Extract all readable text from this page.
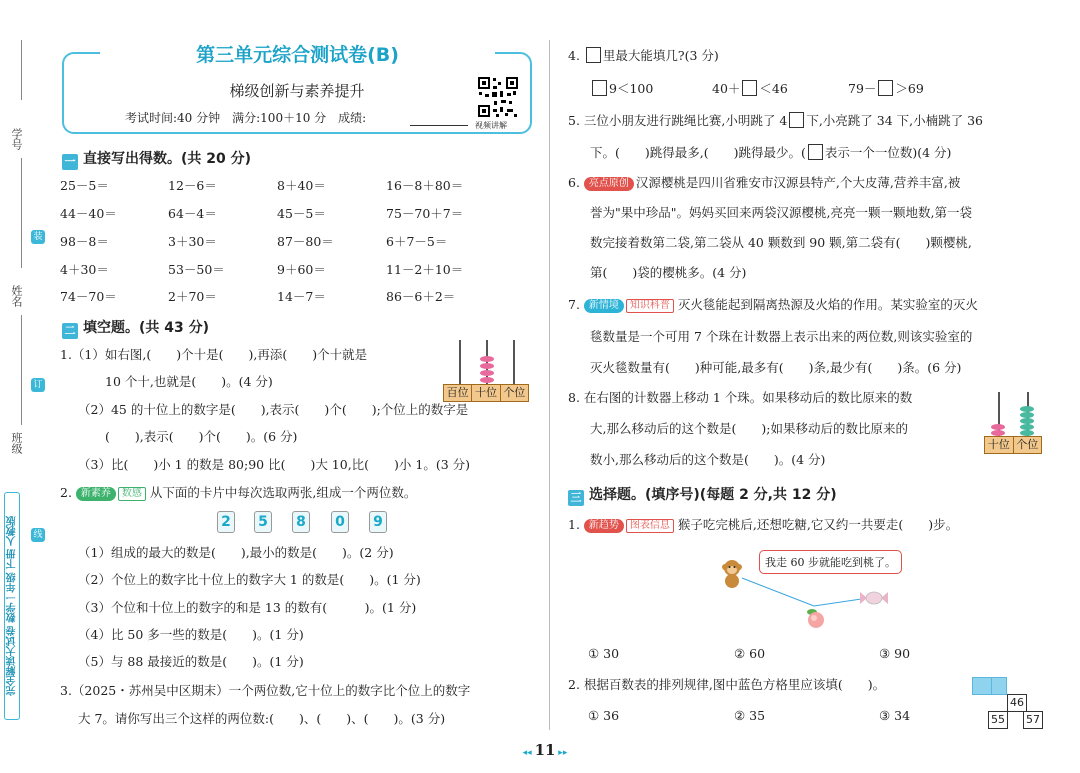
学号
装
姓名
订
班级
线
完全解读大试卷 数学一年级 下册 人教版
第三单元综合测试卷(B)
梯级创新与素养提升
考试时间:40 分钟　满分:100＋10 分　成绩:
视频讲解
一 直接写出得数。(共 20 分)
25－5＝	12－6＝	8＋40＝	16－8＋80＝
44－40＝	64－4＝	45－5＝	75－70＋7＝
98－8＝	3＋30＝	87－80＝	6＋7－5＝
4＋30＝	53－50＝	9＋60＝	11－2＋10＝
74－70＝	2＋70＝	14－7＝	86－6＋2＝
二 填空题。(共 43 分)
1.（1）如右图,(　　)个十是(　　),再添(　　)个十就是
10 个十,也就是(　　)。(4 分)
（2）45 的十位上的数字是(　　),表示(　　)个(　　);个位上的数字是
(　　),表示(　　)个(　　)。(6 分)
（3）比(　　)小 1 的数是 80;90 比(　　)大 10,比(　　)小 1。(3 分)
百位 十位 个位
2. 新素养 数感 从下面的卡片中每次选取两张,组成一个两位数。
2 5 8 0 9
（1）组成的最大的数是(　　),最小的数是(　　)。(2 分)
（2）个位上的数字比十位上的数字大 1 的数是(　　)。(1 分)
（3）个位和十位上的数字的和是 13 的数有(　　　)。(1 分)
（4）比 50 多一些的数是(　　)。(1 分)
（5）与 88 最接近的数是(　　)。(1 分)
3.（2025・苏州吴中区期末）一个两位数,它十位上的数字比个位上的数字
大 7。请你写出三个这样的两位数:(　　)、(　　)、(　　)。(3 分)
◂◂ 11 ▸▸
4. 里最大能填几?(3 分)
9＜100	40＋ ＜46	79－ ＞69
5. 三位小朋友进行跳绳比赛,小明跳了 4 下,小亮跳了 34 下,小楠跳了 36
下。(　　)跳得最多,(　　)跳得最少。( 表示一个一位数)(4 分)
6. 亮点原创 汉源樱桃是四川省雅安市汉源县特产,个大皮薄,营养丰富,被
誉为"果中珍品"。妈妈买回来两袋汉源樱桃,亮亮一颗一颗地数,第一袋
数完接着数第二袋,第二袋从 40 颗数到 90 颗,第二袋有(　　)颗樱桃,
第(　　)袋的樱桃多。(4 分)
7. 新情境 知识科普 灭火毯能起到隔离热源及火焰的作用。某实验室的灭火
毯数量是一个可用 7 个珠在计数器上表示出来的两位数,则该实验室的
灭火毯数量有(　　)种可能,最多有(　　)条,最少有(　　)条。(6 分)
8. 在右图的计数器上移动 1 个珠。如果移动后的数比原来的数
大,那么移动后的这个数是(　　);如果移动后的数比原来的
数小,那么移动后的这个数是(　　)。(4 分)
十位 个位
三 选择题。(填序号)(每题 2 分,共 12 分)
1. 新趋势 图表信息 猴子吃完桃后,还想吃糖,它又约一共要走(　　)步。
我走 60 步就能吃到桃了。
① 30	② 60	③ 90
2. 根据百数表的排列规律,图中蓝色方格里应该填(　　)。
46
55 57
① 36	② 35	③ 34
